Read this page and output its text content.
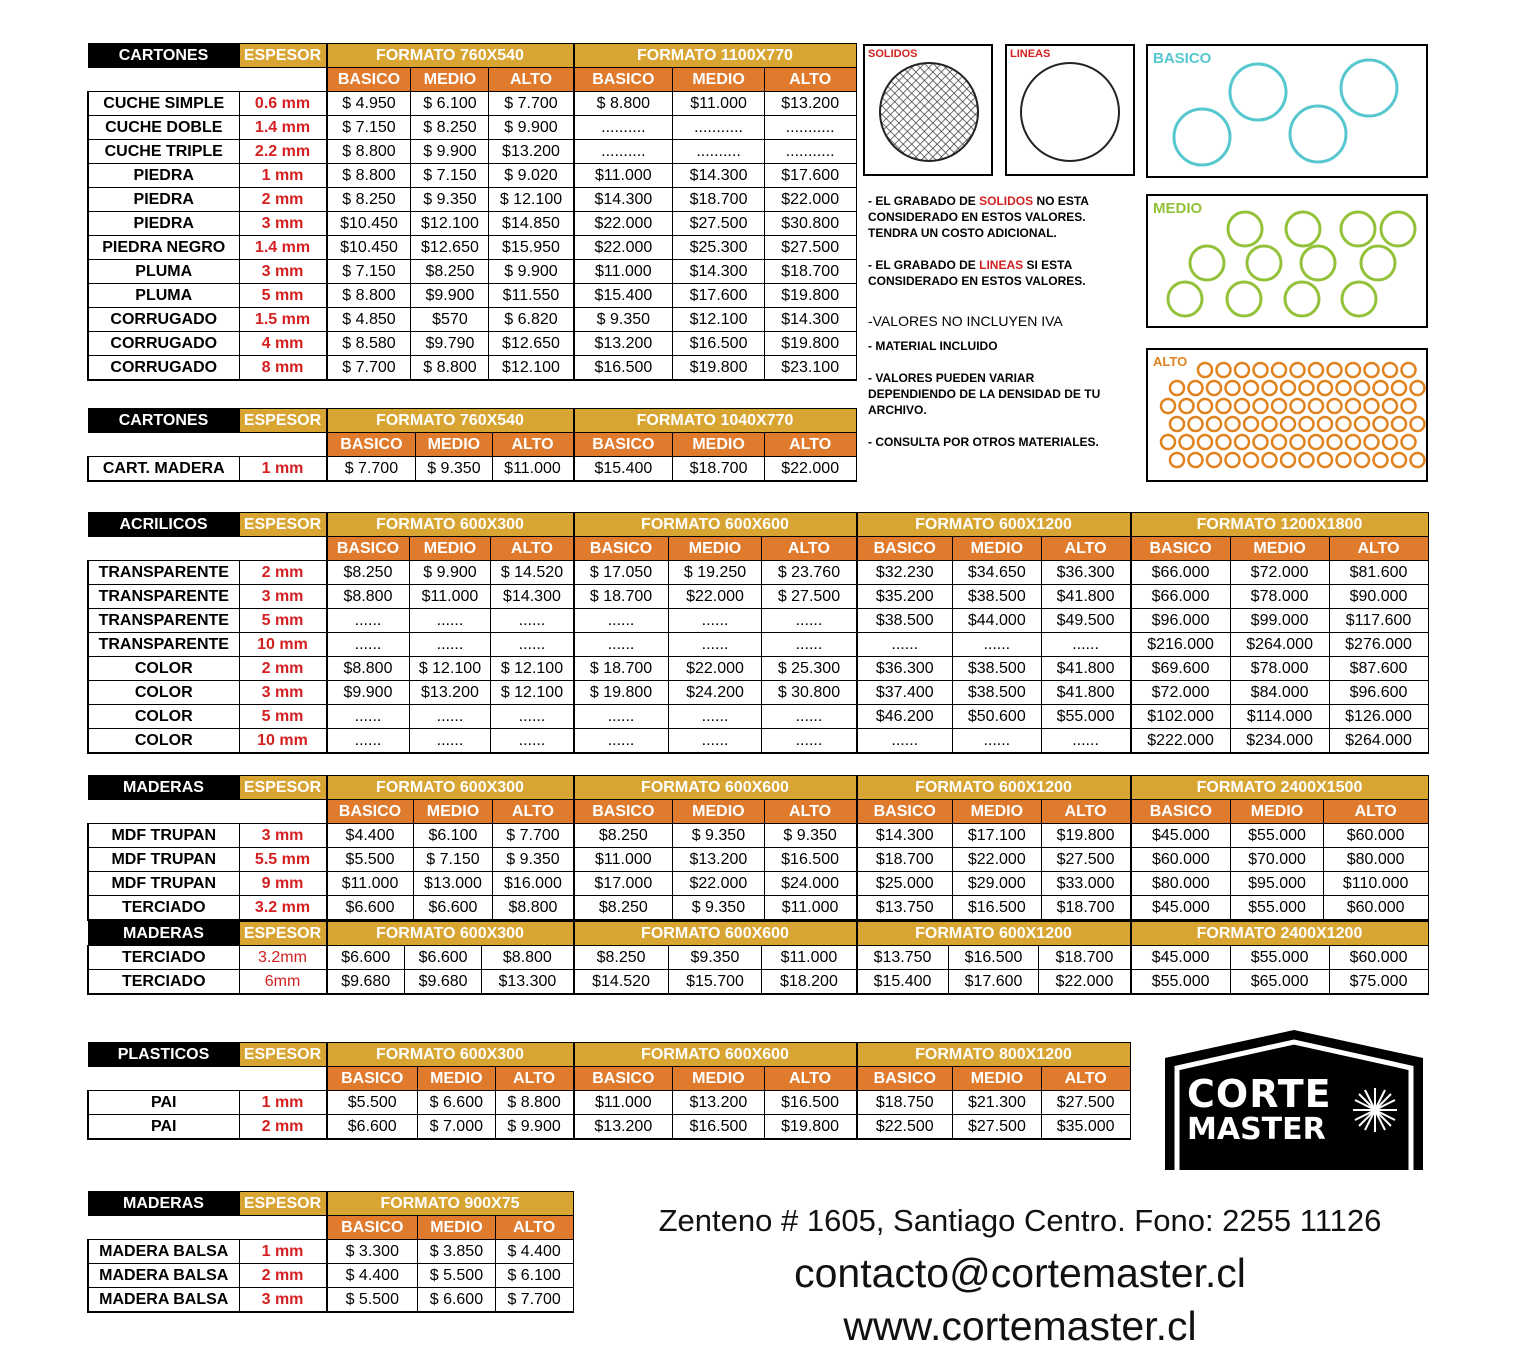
CARTONES	ESPESOR	FORMATO 760X540			FORMATO 1100X770		
		BASICO	MEDIO	ALTO	BASICO	MEDIO	ALTO
CUCHE SIMPLE	0.6 mm	$ 4.950	$ 6.100	$ 7.700	$ 8.800	$11.000	$13.200
CUCHE DOBLE	1.4 mm	$ 7.150	$ 8.250	$ 9.900	..........	...........	...........
CUCHE TRIPLE	2.2 mm	$ 8.800	$ 9.900	$13.200	..........	..........	...........
PIEDRA	1 mm	$ 8.800	$ 7.150	$ 9.020	$11.000	$14.300	$17.600
PIEDRA	2 mm	$ 8.250	$ 9.350	$ 12.100	$14.300	$18.700	$22.000
PIEDRA	3 mm	$10.450	$12.100	$14.850	$22.000	$27.500	$30.800
PIEDRA NEGRO	1.4 mm	$10.450	$12.650	$15.950	$22.000	$25.300	$27.500
PLUMA	3 mm	$ 7.150	$8.250	$ 9.900	$11.000	$14.300	$18.700
PLUMA	5 mm	$ 8.800	$9.900	$11.550	$15.400	$17.600	$19.800
CORRUGADO	1.5 mm	$ 4.850	$570	$ 6.820	$ 9.350	$12.100	$14.300
CORRUGADO	4 mm	$ 8.580	$9.790	$12.650	$13.200	$16.500	$19.800
CORRUGADO	8 mm	$ 7.700	$ 8.800	$12.100	$16.500	$19.800	$23.100
CARTONES	ESPESOR	FORMATO 760X540			FORMATO 1040X770		
		BASICO	MEDIO	ALTO	BASICO	MEDIO	ALTO
CART. MADERA	1 mm	$ 7.700	$ 9.350	$11.000	$15.400	$18.700	$22.000
ACRILICOS	ESPESOR	FORMATO 600X300			FORMATO 600X600			FORMATO 600X1200			FORMATO 1200X1800		
		BASICO	MEDIO	ALTO	BASICO	MEDIO	ALTO	BASICO	MEDIO	ALTO	BASICO	MEDIO	ALTO
TRANSPARENTE	2 mm	$8.250	$ 9.900	$ 14.520	$ 17.050	$ 19.250	$ 23.760	$32.230	$34.650	$36.300	$66.000	$72.000	$81.600
TRANSPARENTE	3 mm	$8.800	$11.000	$14.300	$ 18.700	$22.000	$ 27.500	$35.200	$38.500	$41.800	$66.000	$78.000	$90.000
TRANSPARENTE	5 mm	......	......	......	......	......	......	$38.500	$44.000	$49.500	$96.000	$99.000	$117.600
TRANSPARENTE	10 mm	......	......	......	......	......	......	......	......	......	$216.000	$264.000	$276.000
COLOR	2 mm	$8.800	$ 12.100	$ 12.100	$ 18.700	$22.000	$ 25.300	$36.300	$38.500	$41.800	$69.600	$78.000	$87.600
COLOR	3 mm	$9.900	$13.200	$ 12.100	$ 19.800	$24.200	$ 30.800	$37.400	$38.500	$41.800	$72.000	$84.000	$96.600
COLOR	5 mm	......	......	......	......	......	......	$46.200	$50.600	$55.000	$102.000	$114.000	$126.000
COLOR	10 mm	......	......	......	......	......	......	......	......	......	$222.000	$234.000	$264.000
MADERAS	ESPESOR	FORMATO 600X300			FORMATO 600X600			FORMATO 600X1200			FORMATO 2400X1500		
		BASICO	MEDIO	ALTO	BASICO	MEDIO	ALTO	BASICO	MEDIO	ALTO	BASICO	MEDIO	ALTO
MDF TRUPAN	3 mm	$4.400	$6.100	$ 7.700	$8.250	$ 9.350	$ 9.350	$14.300	$17.100	$19.800	$45.000	$55.000	$60.000
MDF TRUPAN	5.5 mm	$5.500	$ 7.150	$ 9.350	$11.000	$13.200	$16.500	$18.700	$22.000	$27.500	$60.000	$70.000	$80.000
MDF TRUPAN	9 mm	$11.000	$13.000	$16.000	$17.000	$22.000	$24.000	$25.000	$29.000	$33.000	$80.000	$95.000	$110.000
TERCIADO	3.2 mm	$6.600	$6.600	$8.800	$8.250	$ 9.350	$11.000	$13.750	$16.500	$18.700	$45.000	$55.000	$60.000
MADERAS	ESPESOR	FORMATO 600X300			FORMATO 600X600			FORMATO 600X1200			FORMATO 2400X1200		
TERCIADO	3.2mm	$6.600	$6.600	$8.800	$8.250	$9.350	$11.000	$13.750	$16.500	$18.700	$45.000	$55.000	$60.000
TERCIADO	6mm	$9.680	$9.680	$13.300	$14.520	$15.700	$18.200	$15.400	$17.600	$22.000	$55.000	$65.000	$75.000
PLASTICOS	ESPESOR	FORMATO 600X300			FORMATO 600X600			FORMATO 800X1200		
		BASICO	MEDIO	ALTO	BASICO	MEDIO	ALTO	BASICO	MEDIO	ALTO
PAI	1 mm	$5.500	$ 6.600	$ 8.800	$11.000	$13.200	$16.500	$18.750	$21.300	$27.500
PAI	2 mm	$6.600	$ 7.000	$ 9.900	$13.200	$16.500	$19.800	$22.500	$27.500	$35.000
MADERAS	ESPESOR	FORMATO 900X75		
		BASICO	MEDIO	ALTO
MADERA BALSA	1 mm	$ 3.300	$ 3.850	$ 4.400
MADERA BALSA	2 mm	$ 4.400	$ 5.500	$ 6.100
MADERA BALSA	3 mm	$ 5.500	$ 6.600	$ 7.700
SOLIDOS	LINEAS	BASICO
MEDIO
ALTO

- EL GRABADO DE SOLIDOS NO ESTA CONSIDERADO EN ESTOS VALORES. TENDRA UN COSTO ADICIONAL.

- EL GRABADO DE LINEAS SI ESTA CONSIDERADO EN ESTOS VALORES.

-VALORES NO INCLUYEN IVA

- MATERIAL INCLUIDO

- VALORES PUEDEN VARIAR DEPENDIENDO DE LA DENSIDAD DE TU ARCHIVO.

- CONSULTA POR OTROS MATERIALES.

CORTE
MASTER
Zenteno # 1605, Santiago Centro. Fono: 2255 11126
contacto@cortemaster.cl
www.cortemaster.cl
